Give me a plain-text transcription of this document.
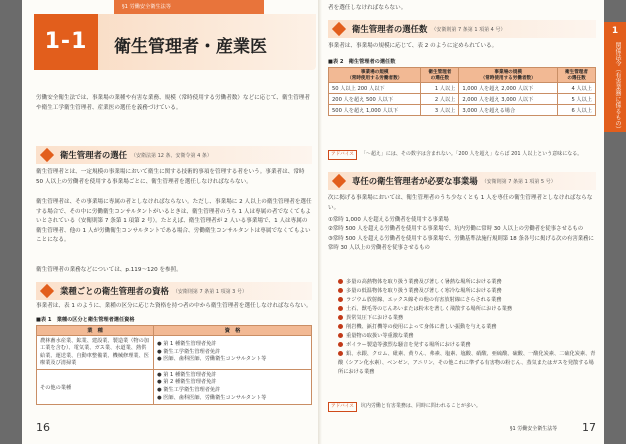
§1 労働安全衛生法等
1-1	衛生管理者・産業医
労働安全衛生法では、事業場の業種や有害な業務、規模（常時使用する労働者数）などに応じて、衛生管理者や衛生工学衛生管理者、産業医の選任を義務づけている。
衛生管理者の選任 （安衛法第 12 条、安衛令第 4 条）
衛生管理者とは、一定規模の事業場において衛生に関する技術的事項を管理する者をいう。事業者は、常時 50 人以上の労働者を使用する事業場ごとに、衛生管理者を選任しなければならない。
衛生管理者は、その事業場に専属の者としなければならない。ただし、事業場に 2 人以上の衛生管理者を選任する場合で、その中に労働衛生コンサルタントがいるときは、衛生管理者のうち 1 人は専属の者でなくてもよいとされている（安衛則第 7 条第 1 項第 2 号）。たとえば、衛生管理者が 2 人いる事業場で、1 人は専属の衛生管理者、他の 1 人が労働衛生コンサルタントである場合、労働衛生コンサルタントは専属でなくてもよいことになる。
衛生管理者の業務などについては、p.119〜120 を参照。
業種ごとの衛生管理者の資格 （安衛則第 7 条第 1 項第 3 号）
事業者は、表 1 のように、業種の区分に応じた資格を持つ者の中から衛生管理者を選任しなければならない。
■表 1　業種の区分と衛生管理者選任資格
業　種	資　格
農林畜水産業、鉱業、建設業、製造業（物の加工業を含む）、電気業、ガス業、水道業、熱供給業、運送業、自動車整備業、機械修理業、医療業及び清掃業	● 第 1 種衛生管理者免許
● 衛生工学衛生管理者免許
● 医師、歯科医師、労働衛生コンサルタント等

その他の業種	● 第 1 種衛生管理者免許
● 第 2 種衛生管理者免許
● 衛生工学衛生管理者免許
● 医師、歯科医師、労働衛生コンサルタント等
16
者を選任しなければならない。
衛生管理者の選任数 （安衛則第 7 条第 1 項第 4 号）
事業者は、事業場の規模に応じて、表 2 のように定められている。
■表 2　衛生管理者の選任数
事業場の規模
（常時使用する労働者数）	衛生管理者
の選任数	事業場の規模
（常時使用する労働者数）	衛生管理者
の選任数
50 人以上 200 人以下	1 人以上	1,000 人を超え 2,000 人以下	4 人以上
200 人を超え 500 人以下	2 人以上	2,000 人を超え 3,000 人以下	5 人以上
500 人を超え 1,000 人以下	3 人以上	3,000 人を超える場合	6 人以上
アドバイス 「～超え」には、その数字は含まれない。「200 人を超え」ならば 201 人以上という意味になる。
専任の衛生管理者が必要な事業場 （安衛則第 7 条第 1 項第 5 号）
次に掲げる事業場においては、衛生管理者のうち少なくとも 1 人を専任の衛生管理者としなければならない。
①常時 1,000 人を超える労働者を使用する事業場
②常時 500 人を超える労働者を使用する事業場で、坑内労働に常時 30 人以上の労働者を従事させるもの
③常時 500 人を超える労働者を使用する事業場で、労働基準法施行規則第 18 条各号に掲げる次の有害業務に常時 30 人以上の労働者を従事させるもの
多量の高熱物体を取り扱う業務及び著しく暑熱な場所における業務
多量の低温物体を取り扱う業務及び著しく寒冷な場所における業務
ラジウム放射線、エックス線その他の有害放射線にさらされる業務
土石、獣毛等のじんあいまたは粉末を著しく飛散する場所における業務
異常気圧下における業務
削岩機、鋲打機等の使用によって身体に著しい振動を与える業務
重量物の取扱い等重激な業務
ボイラー製造等強烈な騒音を発する場所における業務
鉛、水銀、クロム、砒素、黄りん、弗素、塩素、塩酸、硝酸、亜硫酸、硫酸、一酸化炭素、二硫化炭素、青酸（シアン化水素）、ベンゼン、アニリン、その他これに準ずる有害物の粉じん、蒸気またはガスを発散する場所における業務
アドバイス 坑内労働と有害業務は、同時に問われることが多い。
§1 労働安全衛生法等 17
1
関係法令（有害業務に係るもの）
